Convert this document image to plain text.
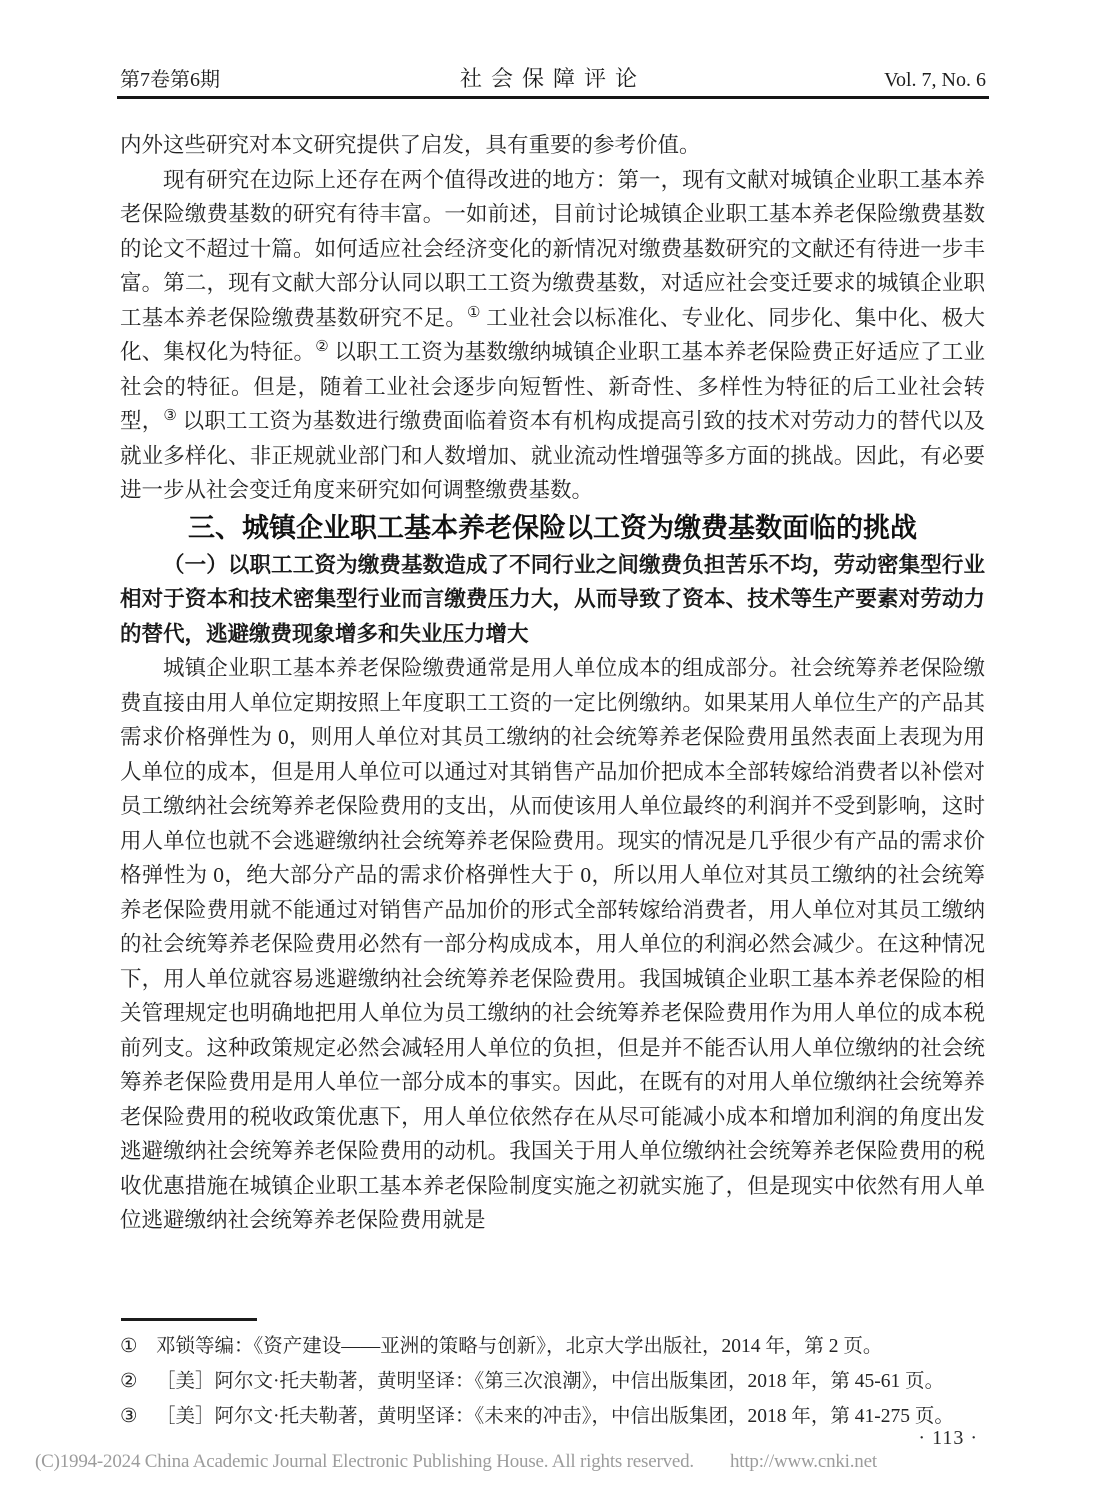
第7卷第6期	社会保障评论	Vol. 7, No. 6

内外这些研究对本文研究提供了启发，具有重要的参考价值。

现有研究在边际上还存在两个值得改进的地方：第一，现有文献对城镇企业职工基本养老保险缴费基数的研究有待丰富。一如前述，目前讨论城镇企业职工基本养老保险缴费基数的论文不超过十篇。如何适应社会经济变化的新情况对缴费基数研究的文献还有待进一步丰富。第二，现有文献大部分认同以职工工资为缴费基数，对适应社会变迁要求的城镇企业职工基本养老保险缴费基数研究不足。① 工业社会以标准化、专业化、同步化、集中化、极大化、集权化为特征。② 以职工工资为基数缴纳城镇企业职工基本养老保险费正好适应了工业社会的特征。但是，随着工业社会逐步向短暂性、新奇性、多样性为特征的后工业社会转型，③ 以职工工资为基数进行缴费面临着资本有机构成提高引致的技术对劳动力的替代以及就业多样化、非正规就业部门和人数增加、就业流动性增强等多方面的挑战。因此，有必要进一步从社会变迁角度来研究如何调整缴费基数。

三、城镇企业职工基本养老保险以工资为缴费基数面临的挑战

（一）以职工工资为缴费基数造成了不同行业之间缴费负担苦乐不均，劳动密集型行业相对于资本和技术密集型行业而言缴费压力大，从而导致了资本、技术等生产要素对劳动力的替代，逃避缴费现象增多和失业压力增大

城镇企业职工基本养老保险缴费通常是用人单位成本的组成部分。社会统筹养老保险缴费直接由用人单位定期按照上年度职工工资的一定比例缴纳。如果某用人单位生产的产品其需求价格弹性为 0，则用人单位对其员工缴纳的社会统筹养老保险费用虽然表面上表现为用人单位的成本，但是用人单位可以通过对其销售产品加价把成本全部转嫁给消费者以补偿对员工缴纳社会统筹养老保险费用的支出，从而使该用人单位最终的利润并不受到影响，这时用人单位也就不会逃避缴纳社会统筹养老保险费用。现实的情况是几乎很少有产品的需求价格弹性为 0，绝大部分产品的需求价格弹性大于 0，所以用人单位对其员工缴纳的社会统筹养老保险费用就不能通过对销售产品加价的形式全部转嫁给消费者，用人单位对其员工缴纳的社会统筹养老保险费用必然有一部分构成成本，用人单位的利润必然会减少。在这种情况下，用人单位就容易逃避缴纳社会统筹养老保险费用。我国城镇企业职工基本养老保险的相关管理规定也明确地把用人单位为员工缴纳的社会统筹养老保险费用作为用人单位的成本税前列支。这种政策规定必然会减轻用人单位的负担，但是并不能否认用人单位缴纳的社会统筹养老保险费用是用人单位一部分成本的事实。因此，在既有的对用人单位缴纳社会统筹养老保险费用的税收政策优惠下，用人单位依然存在从尽可能减小成本和增加利润的角度出发逃避缴纳社会统筹养老保险费用的动机。我国关于用人单位缴纳社会统筹养老保险费用的税收优惠措施在城镇企业职工基本养老保险制度实施之初就实施了，但是现实中依然有用人单位逃避缴纳社会统筹养老保险费用就是

① 邓锁等编：《资产建设——亚洲的策略与创新》，北京大学出版社，2014 年，第 2 页。
② ［美］阿尔文·托夫勒著，黄明坚译：《第三次浪潮》，中信出版集团，2018 年，第 45-61 页。
③ ［美］阿尔文·托夫勒著，黄明坚译：《未来的冲击》，中信出版集团，2018 年，第 41-275 页。
· 113 ·
(C)1994-2024 China Academic Journal Electronic Publishing House. All rights reserved. http://www.cnki.net
